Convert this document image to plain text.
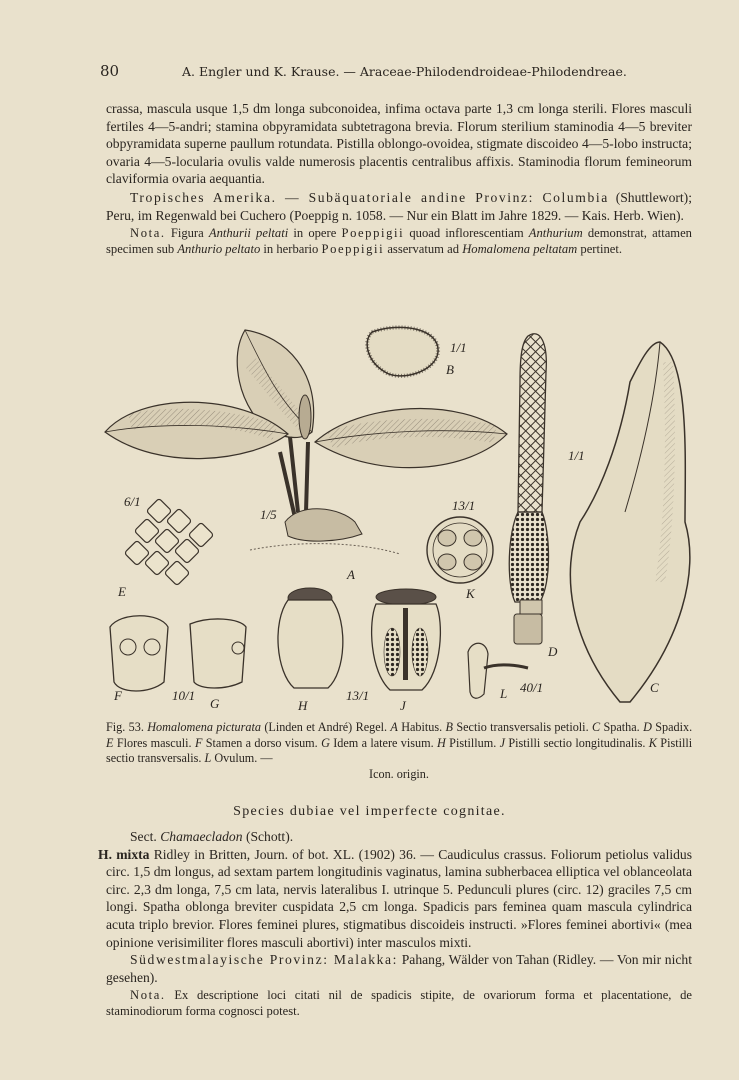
80	A. Engler und K. Krause. — Araceae-Philodendroideae-Philodendreae.

crassa, mascula usque 1,5 dm longa subconoidea, infima octava parte 1,3 cm longa sterili. Flores masculi fertiles 4—5-andri; stamina obpyramidata subtetragona brevia. Florum sterilium staminodia 4—5 breviter obpyramidata superne paullum rotundata. Pistilla oblongo-ovoidea, stigmate discoideo 4—5-lobo instructa; ovaria 4—5-locularia ovulis valde numerosis placentis centralibus affixis. Staminodia florum femineorum claviformia ovaria aequantia.

Tropisches Amerika. — Subäquatoriale andine Provinz: Columbia (Shuttlewort); Peru, im Regenwald bei Cuchero (Poeppig n. 1058. — Nur ein Blatt im Jahre 1829. — Kais. Herb. Wien).

Nota. Figura Anthurii peltati in opere Poeppigii quoad inflorescentiam Anthurium demonstrat, attamen specimen sub Anthurio peltato in herbario Poeppigii asservatum ad Homalomena peltatam pertinet.

A
1/5
B
1/1
C
1/1
D
E
6/1
F	10/1
G	H
13/1
J
K
13/1
L 40/1
Fig. 53. Homalomena picturata (Linden et André) Regel. A Habitus. B Sectio transversalis petioli. C Spatha. D Spadix. E Flores masculi. F Stamen a dorso visum. G Idem a latere visum. H Pistillum. J Pistilli sectio longitudinalis. K Pistilli sectio transversalis. L Ovulum. —
Icon. origin.
Species dubiae vel imperfecte cognitae.

Sect. Chamaecladon (Schott).

H. mixta Ridley in Britten, Journ. of bot. XL. (1902) 36. — Caudiculus crassus. Foliorum petiolus validus circ. 1,5 dm longus, ad sextam partem longitudinis vaginatus, lamina subherbacea elliptica vel oblanceolata circ. 2,3 dm longa, 7,5 cm lata, nervis lateralibus I. utrinque 5. Pedunculi plures (circ. 12) graciles 7,5 cm longi. Spatha oblonga breviter cuspidata 2,5 cm longa. Spadicis pars feminea quam mascula cylindrica acuta triplo brevior. Flores feminei plures, stigmatibus discoideis instructi. »Flores feminei abortivi« (mea opinione verisimiliter flores masculi abortivi) inter masculos mixti.

Südwestmalayische Provinz: Malakka: Pahang, Wälder von Tahan (Ridley. — Von mir nicht gesehen).

Nota. Ex descriptione loci citati nil de spadicis stipite, de ovariorum forma et placentatione, de staminodiorum forma cognosci potest.
